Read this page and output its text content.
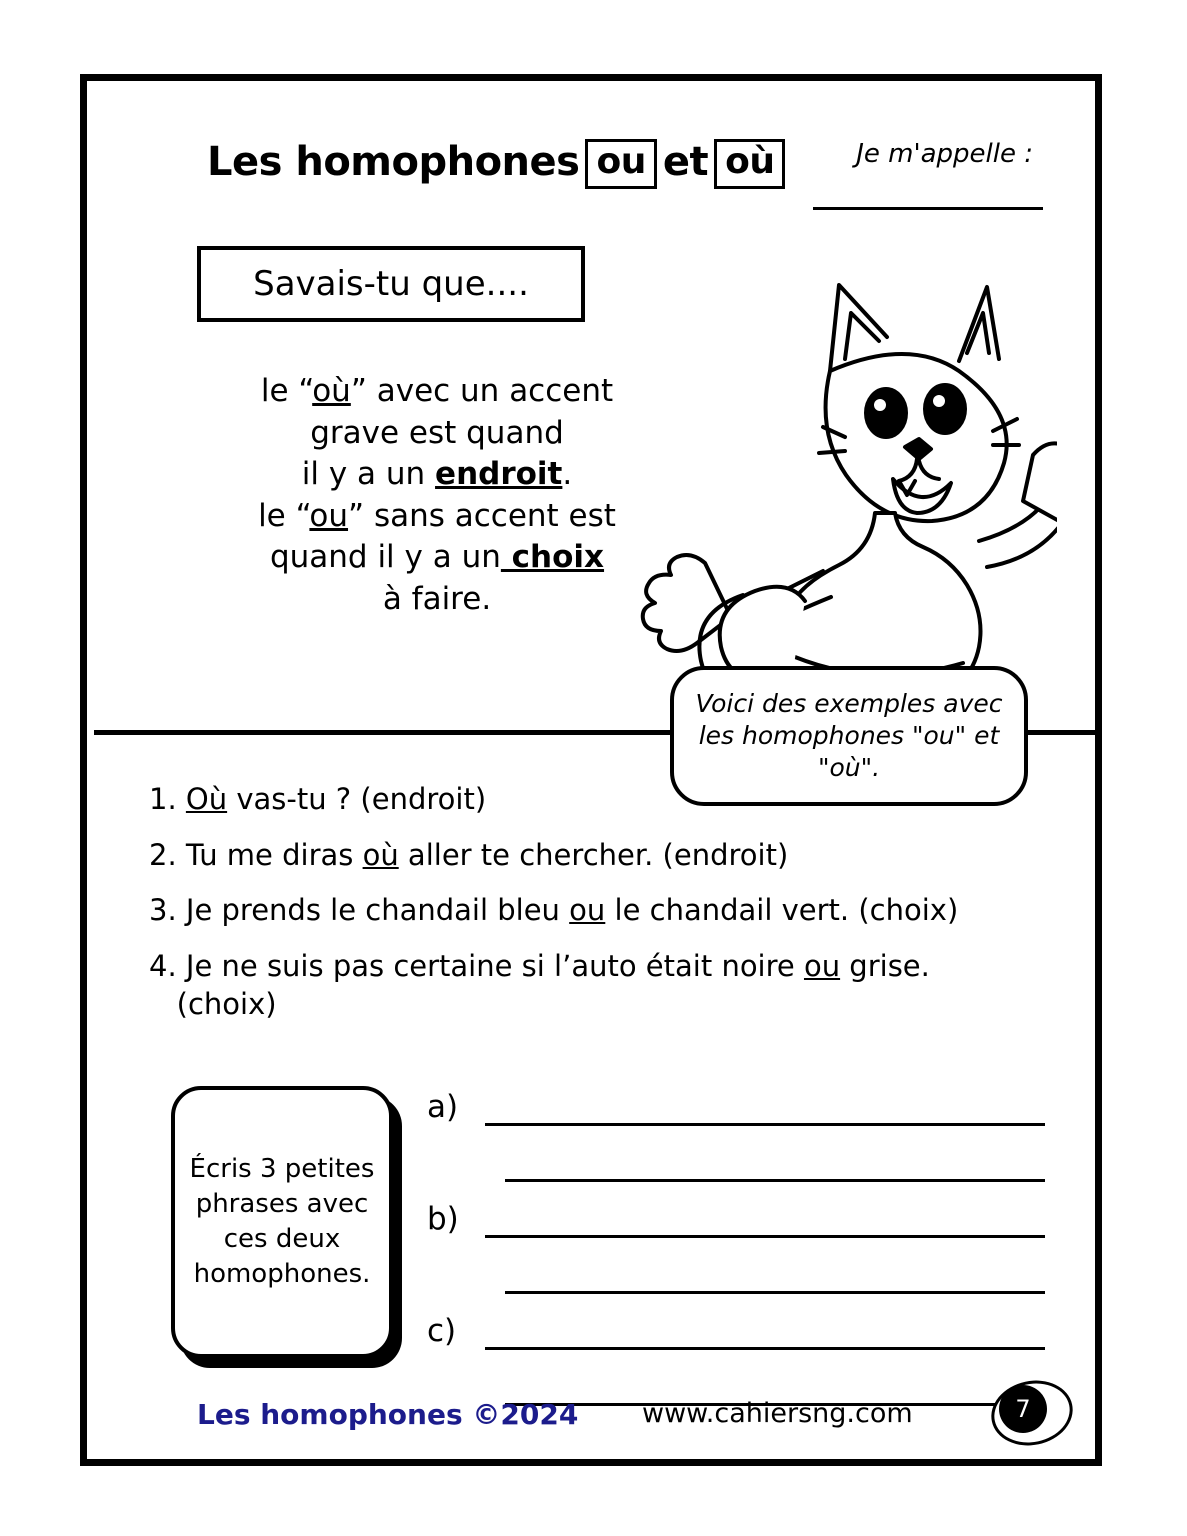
Les homophones ou et où	Je m'appelle :
Savais-tu que....
le “où” avec un accent
grave est quand
il y a un endroit.
le “ou” sans accent est
quand il y a un choix
à faire.
Voici des exemples avec les homophones "ou" et "où".
1. Où vas-tu ? (endroit)
2. Tu me diras où aller te chercher. (endroit)
3. Je prends le chandail bleu ou le chandail vert. (choix)
4. Je ne suis pas certaine si l’auto était noire ou grise.
(choix)
Écris 3 petites phrases avec ces deux homophones.
a)
b)
c)
Les homophones ©2024 www.cahiersng.com	7
